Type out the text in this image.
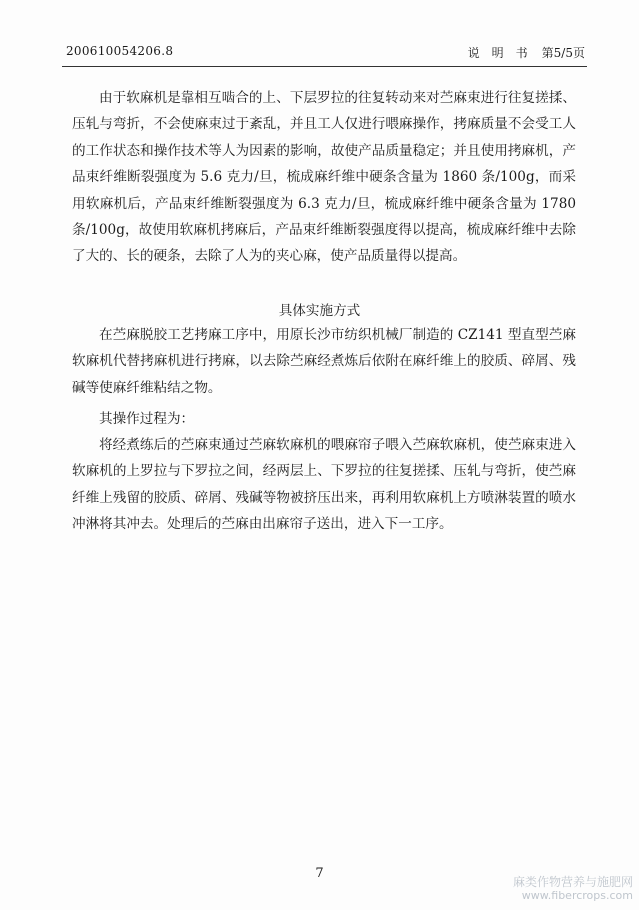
200610054206.8	说　明　书 第5/5页

由于软麻机是靠相互啮合的上、下层罗拉的往复转动来对苎麻束进行往复搓揉、压轧与弯折，不会使麻束过于紊乱，并且工人仅进行喂麻操作，拷麻质量不会受工人的工作状态和操作技术等人为因素的影响，故使产品质量稳定；并且使用拷麻机，产品束纤维断裂强度为 5.6 克力/旦，梳成麻纤维中硬条含量为 1860 条/100g，而采用软麻机后，产品束纤维断裂强度为 6.3 克力/旦，梳成麻纤维中硬条含量为 1780 条/100g，故使用软麻机拷麻后，产品束纤维断裂强度得以提高，梳成麻纤维中去除了大的、长的硬条，去除了人为的夹心麻，使产品质量得以提高。

具体实施方式

在苎麻脱胶工艺拷麻工序中，用原长沙市纺织机械厂制造的 CZ141 型直型苎麻软麻机代替拷麻机进行拷麻，以去除苎麻经煮炼后依附在麻纤维上的胶质、碎屑、残碱等使麻纤维粘结之物。

其操作过程为：

将经煮练后的苎麻束通过苎麻软麻机的喂麻帘子喂入苎麻软麻机，使苎麻束进入软麻机的上罗拉与下罗拉之间，经两层上、下罗拉的往复搓揉、压轧与弯折，使苎麻纤维上残留的胶质、碎屑、残碱等物被挤压出来，再利用软麻机上方喷淋装置的喷水冲淋将其冲去。处理后的苎麻由出麻帘子送出，进入下一工序。

7
麻类作物营养与施肥网
www.fibercrops.com
